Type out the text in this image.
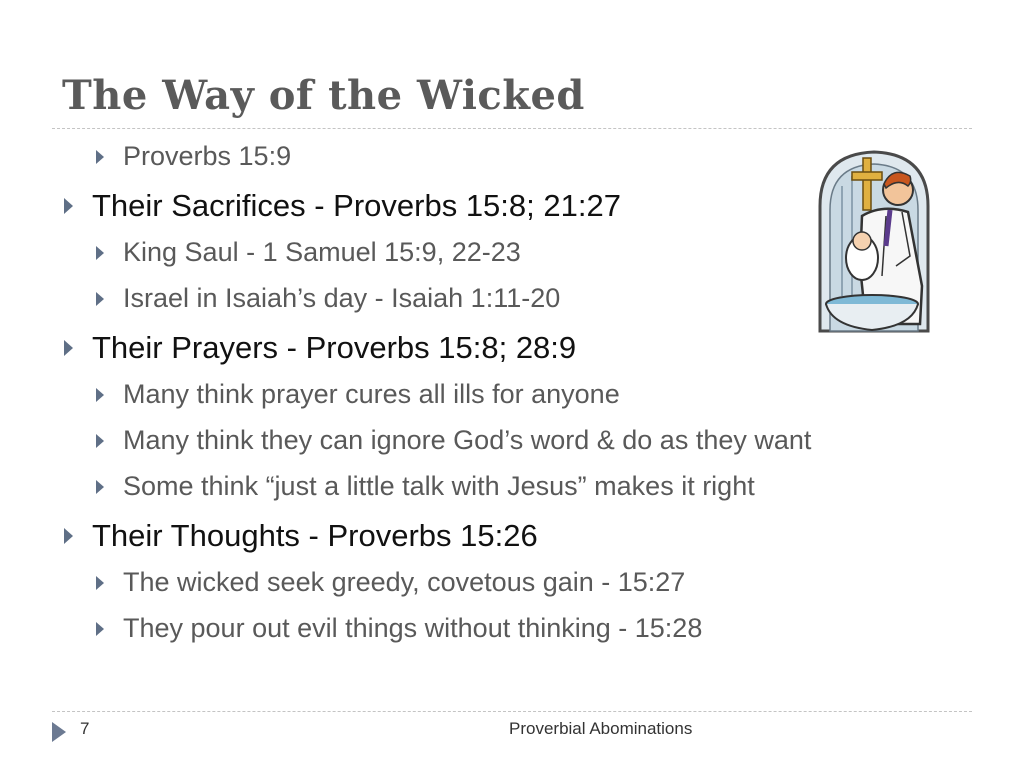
The Way of the Wicked
Proverbs 15:9
Their Sacrifices - Proverbs 15:8; 21:27
King Saul - 1 Samuel 15:9, 22-23
Israel in Isaiah’s day - Isaiah 1:11-20
Their Prayers - Proverbs 15:8; 28:9
Many think prayer cures all ills for anyone
Many think they can ignore God’s word & do as they want
Some think “just a little talk with Jesus” makes it right
Their Thoughts - Proverbs 15:26
The wicked seek greedy, covetous gain - 15:27
They pour out evil things without thinking - 15:28
7	Proverbial Abominations
